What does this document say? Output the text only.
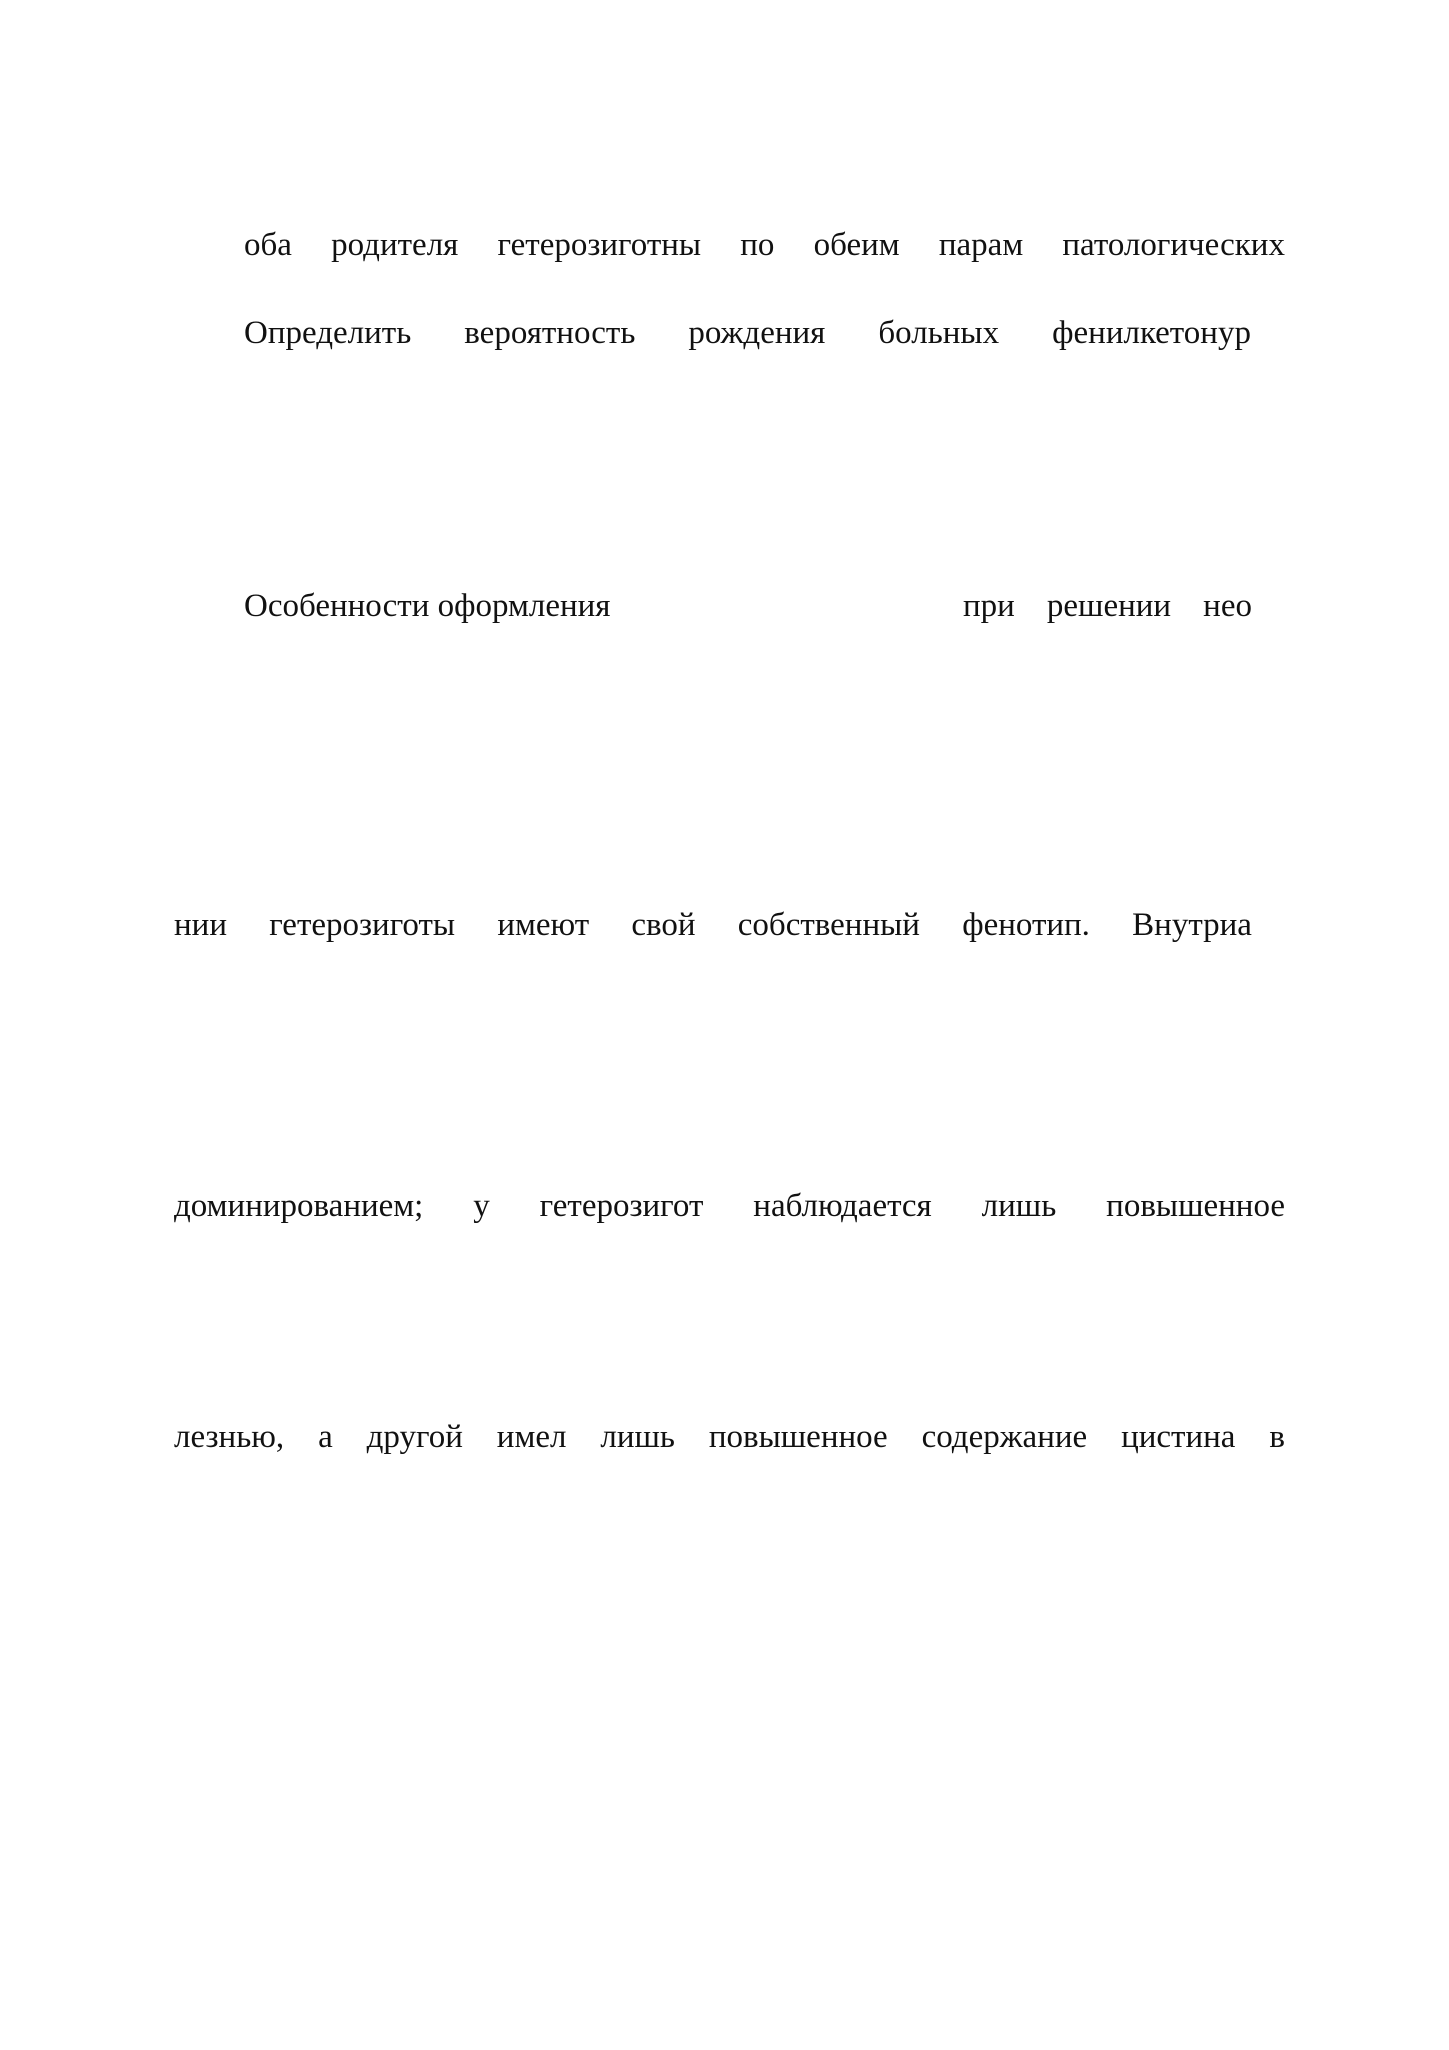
оба родителя гетерозиготны по обеим парам патологических
Определить вероятность рождения больных фенилкетонур
Особенности оформления	при решении нео
нии гетерозиготы имеют свой собственный фенотип. Внутриа
доминированием; у гетерозигот наблюдается лишь повышенное
лезнью, а другой имел лишь повышенное содержание цистина в
